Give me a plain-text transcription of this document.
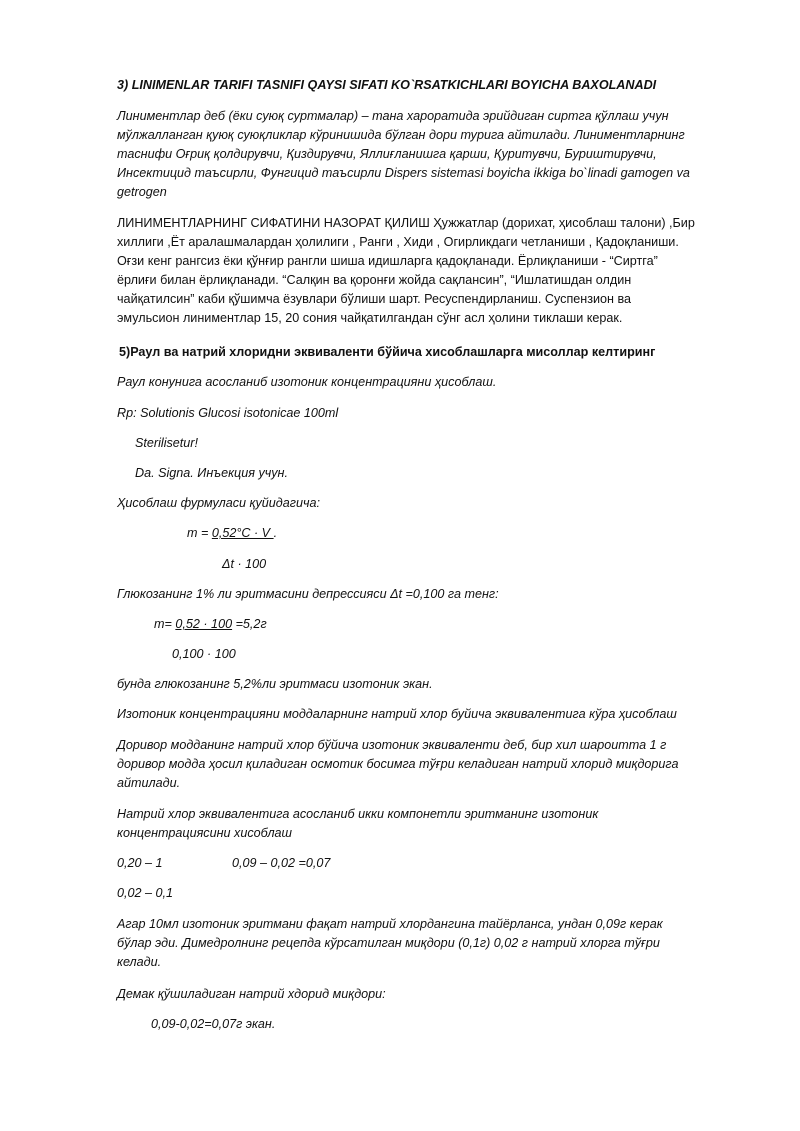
3) LINIMENLAR TARIFI TASNIFI QAYSI SIFATI KO`RSATKICHLARI BOYICHA BAXOLANADI

Линиментлар деб (ёки суюқ суртмалар) – тана хароратида эрийдиган сиртга қўллаш учун
мўлжалланган қуюқ суюқликлар кўринишида бўлган дори турига айтилади. Линиментларнинг
таснифи Оғриқ қолдирувчи, Қиздирувчи, Яллиғланишга қарши, Қуритувчи, Буриштирувчи,
Инсектицид таъсирли, Фунгицид таъсирли Dispers sistemasi boyicha ikkiga bo`linadi gamogen va
getrogen
ЛИНИМЕНТЛАРНИНГ СИФАТИНИ НАЗОРАТ ҚИЛИШ Ҳужжатлар (дорихат, ҳисоблаш талони) ,Бир
хиллиги ,Ёт аралашмалардан ҳолилиги , Ранги , Хиди , Огирликдаги четланиши , Қадоқланиши.
Оғзи кенг рангсиз ёки қўнғир рангли шиша идишларга қадоқланади. Ёрлиқланиши - “Сиртга”
ёрлиғи билан ёрлиқланади. “Салқин ва қоронғи жойда сақлансин”, “Ишлатишдан олдин
чайқатилсин” каби қўшимча ёзувлари бўлиши шарт. Ресуспендирланиш. Суспензион ва
эмульсион линиментлар 15, 20 сония чайқатилгандан сўнг асл ҳолини тиклаши керак.

5)Раул ва натрий хлоридни эквиваленти бўйича хисоблашларга мисоллар келтиринг

Раул конунига асосланиб изотоник концентрацияни ҳисоблаш.

Rp: Solutionis Glucosi isotonicae 100ml

Sterilisetur!

Da. Signa. Инъекция учун.

Ҳисоблаш фурмуласи қуйидагича:

m = 0,52°C · V .

Δt · 100

Глюкозанинг 1% ли эритмасини депрессияси Δt =0,100 га тенг:

m= 0,52 · 100 =5,2г

0,100 · 100

бунда глюкозанинг 5,2%ли эритмаси изотоник экан.

Изотоник концентрацияни моддаларнинг натрий хлор буйича эквивалентига кўра ҳисоблаш

Доривор модданинг натрий хлор бўйича изотоник эквиваленти деб, бир хил шароитта 1 г
доривор модда ҳосил қиладиган осмотик босимга тўғри келадиган натрий хлорид миқдорига
айтилади.
Натрий хлор эквивалентига асосланиб икки компонетли эритманинг изотоник
концентрациясини хисоблаш

0,20 – 1	0,09 – 0,02 =0,07

0,02 – 0,1

Агар 10мл изотоник эритмани фақат натрий хлордангина тайёрланса, ундан 0,09г керак
бўлар эди. Димедролнинг рецепда кўрсатилган миқдори (0,1г) 0,02 г натрий хлорга тўғри
келади.

Демак қўшиладиган натрий хдорид миқдори:

0,09-0,02=0,07г экан.
